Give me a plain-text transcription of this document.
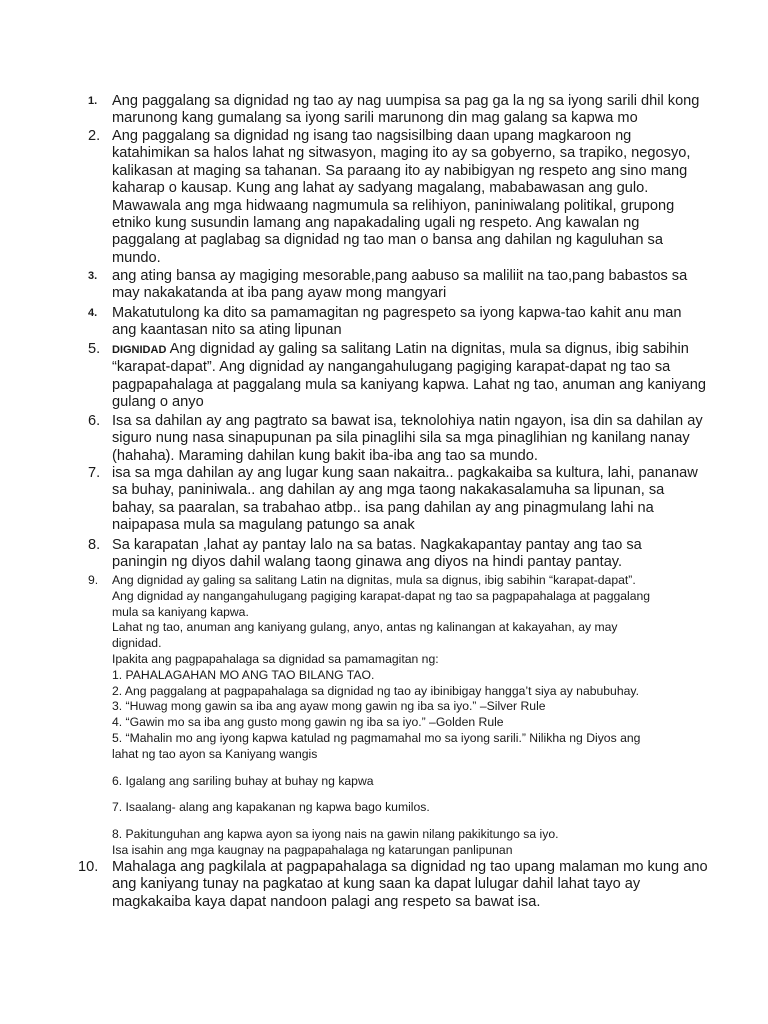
1.	Ang paggalang sa dignidad ng tao ay nag uumpisa sa pag ga la ng sa iyong sarili dhil kong
marunong kang gumalang sa iyong sarili marunong din mag galang sa kapwa mo
2. Ang paggalang sa dignidad ng isang tao nagsisilbing daan upang magkaroon ng
katahimikan sa halos lahat ng sitwasyon, maging ito ay sa gobyerno, sa trapiko, negosyo,
kalikasan at maging sa tahanan. Sa paraang ito ay nabibigyan ng respeto ang sino mang
kaharap o kausap. Kung ang lahat ay sadyang magalang, mababawasan ang gulo.
Mawawala ang mga hidwaang nagmumula sa relihiyon, paniniwalang politikal, grupong
etniko kung susundin lamang ang napakadaling ugali ng respeto. Ang kawalan ng
paggalang at paglabag sa dignidad ng tao man o bansa ang dahilan ng kaguluhan sa
mundo.
3.	ang ating bansa ay magiging mesorable,pang aabuso sa maliliit na tao,pang babastos sa
may nakakatanda at iba pang ayaw mong mangyari
4.	Makatutulong ka dito sa pamamagitan ng pagrespeto sa iyong kapwa-tao kahit anu man
ang kaantasan nito sa ating lipunan
5.	DIGNIDAD Ang dignidad ay galing sa salitang Latin na dignitas, mula sa dignus, ibig sabihin
“karapat-dapat”. Ang dignidad ay nangangahulugang pagiging karapat-dapat ng tao sa
pagpapahalaga at paggalang mula sa kaniyang kapwa. Lahat ng tao, anuman ang kaniyang
gulang o anyo
6. Isa sa dahilan ay ang pagtrato sa bawat isa, teknolohiya natin ngayon, isa din sa dahilan ay
siguro nung nasa sinapupunan pa sila pinaglihi sila sa mga pinaglihian ng kanilang nanay
(hahaha). Maraming dahilan kung bakit iba-iba ang tao sa mundo.
7. isa sa mga dahilan ay ang lugar kung saan nakaitra.. pagkakaiba sa kultura, lahi, pananaw
sa buhay, paniniwala.. ang dahilan ay ang mga taong nakakasalamuha sa lipunan, sa
bahay, sa paaralan, sa trabahao atbp.. isa pang dahilan ay ang pinagmulang lahi na
naipapasa mula sa magulang patungo sa anak
8. Sa karapatan ,lahat ay pantay lalo na sa batas. Nagkakapantay pantay ang tao sa
paningin ng diyos dahil walang taong ginawa ang diyos na hindi pantay pantay.
9.	Ang dignidad ay galing sa salitang Latin na dignitas, mula sa dignus, ibig sabihin “karapat-dapat”.
Ang dignidad ay nangangahulugang pagiging karapat-dapat ng tao sa pagpapahalaga at paggalang
mula sa kaniyang kapwa.
Lahat ng tao, anuman ang kaniyang gulang, anyo, antas ng kalinangan at kakayahan, ay may
dignidad.
Ipakita ang pagpapahalaga sa dignidad sa pamamagitan ng:
1. PAHALAGAHAN MO ANG TAO BILANG TAO.
2. Ang paggalang at pagpapahalaga sa dignidad ng tao ay ibinibigay hangga’t siya ay nabubuhay.
3. “Huwag mong gawin sa iba ang ayaw mong gawin ng iba sa iyo.” –Silver Rule
4. “Gawin mo sa iba ang gusto mong gawin ng iba sa iyo.” –Golden Rule
5. “Mahalin mo ang iyong kapwa katulad ng pagmamahal mo sa iyong sarili.” Nilikha ng Diyos ang
lahat ng tao ayon sa Kaniyang wangis
6. Igalang ang sariling buhay at buhay ng kapwa
7. Isaalang- alang ang kapakanan ng kapwa bago kumilos.
8. Pakitunguhan ang kapwa ayon sa iyong nais na gawin nilang pakikitungo sa iyo.
Isa isahin ang mga kaugnay na pagpapahalaga ng katarungan panlipunan
10. Mahalaga ang pagkilala at pagpapahalaga sa dignidad ng tao upang malaman mo kung ano
ang kaniyang tunay na pagkatao at kung saan ka dapat lulugar dahil lahat tayo ay
magkakaiba kaya dapat nandoon palagi ang respeto sa bawat isa.
